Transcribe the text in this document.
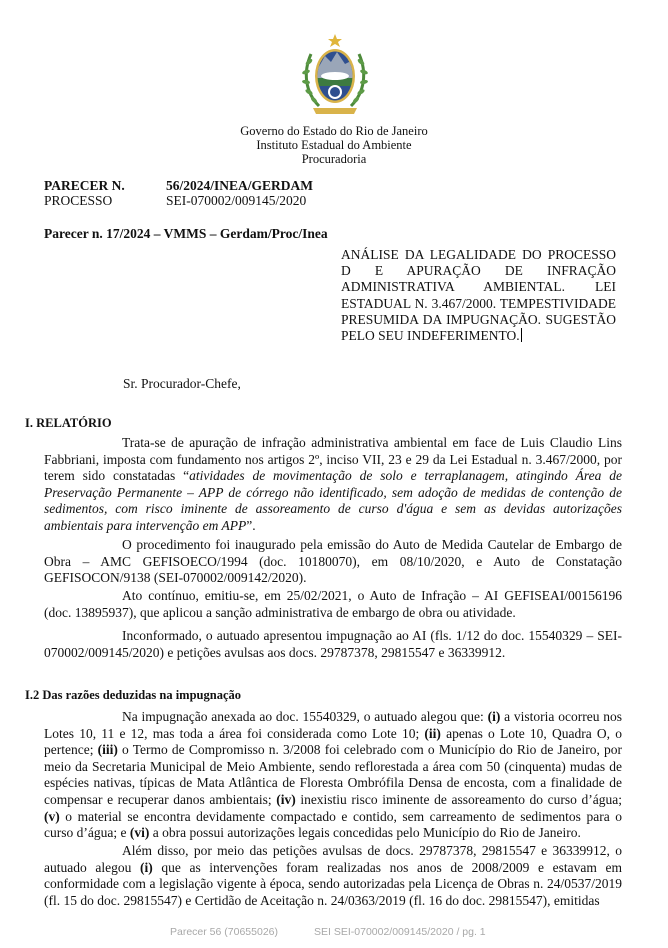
Governo do Estado do Rio de Janeiro
Instituto Estadual do Ambiente
Procuradoria
PARECER N.	56/2024/INEA/GERDAM
PROCESSO	SEI-070002/009145/2020
Parecer n. 17/2024 – VMMS – Gerdam/Proc/Inea
ANÁLISE DA LEGALIDADE DO PROCESSO D E APURAÇÃO DE INFRAÇÃO ADMINISTRATIVA AMBIENTAL. LEI ESTADUAL N. 3.467/2000. TEMPESTIVIDADE PRESUMIDA DA IMPUGNAÇÃO. SUGESTÃO PELO SEU INDEFERIMENTO.
Sr. Procurador-Chefe,
I. RELATÓRIO
Trata-se de apuração de infração administrativa ambiental em face de Luis Claudio Lins Fabbriani, imposta com fundamento nos artigos 2º, inciso VII, 23 e 29 da Lei Estadual n. 3.467/2000, por terem sido constatadas “atividades de movimentação de solo e terraplanagem, atingindo Área de Preservação Permanente – APP de córrego não identificado, sem adoção de medidas de contenção de sedimentos, com risco iminente de assoreamento de curso d'água e sem as devidas autorizações ambientais para intervenção em APP”.
O procedimento foi inaugurado pela emissão do Auto de Medida Cautelar de Embargo de Obra – AMC GEFISOECO/1994 (doc. 10180070), em 08/10/2020, e Auto de Constatação GEFISOCON/9138 (SEI-070002/009142/2020).
Ato contínuo, emitiu-se, em 25/02/2021, o Auto de Infração – AI GEFISEAI/00156196 (doc. 13895937), que aplicou a sanção administrativa de embargo de obra ou atividade.
Inconformado, o autuado apresentou impugnação ao AI (fls. 1/12 do doc. 15540329 – SEI-070002/009145/2020) e petições avulsas aos docs. 29787378, 29815547 e 36339912.
I.2 Das razões deduzidas na impugnação
Na impugnação anexada ao doc. 15540329, o autuado alegou que: (i) a vistoria ocorreu nos Lotes 10, 11 e 12, mas toda a área foi considerada como Lote 10; (ii) apenas o Lote 10, Quadra O, o pertence; (iii) o Termo de Compromisso n. 3/2008 foi celebrado com o Município do Rio de Janeiro, por meio da Secretaria Municipal de Meio Ambiente, sendo reflorestada a área com 50 (cinquenta) mudas de espécies nativas, típicas de Mata Atlântica de Floresta Ombrófila Densa de encosta, com a finalidade de compensar e recuperar danos ambientais; (iv) inexistiu risco iminente de assoreamento do curso d’água; (v) o material se encontra devidamente compactado e contido, sem carreamento de sedimentos para o curso d’água; e (vi) a obra possui autorizações legais concedidas pelo Município do Rio de Janeiro.
Além disso, por meio das petições avulsas de docs. 29787378, 29815547 e 36339912, o autuado alegou (i) que as intervenções foram realizadas nos anos de 2008/2009 e estavam em conformidade com a legislação vigente à época, sendo autorizadas pela Licença de Obras n. 24/0537/2019 (fl. 15 do doc. 29815547) e Certidão de Aceitação n. 24/0363/2019 (fl. 16 do doc. 29815547), emitidas
Parecer 56 (70655026)	SEI SEI-070002/009145/2020 / pg. 1
